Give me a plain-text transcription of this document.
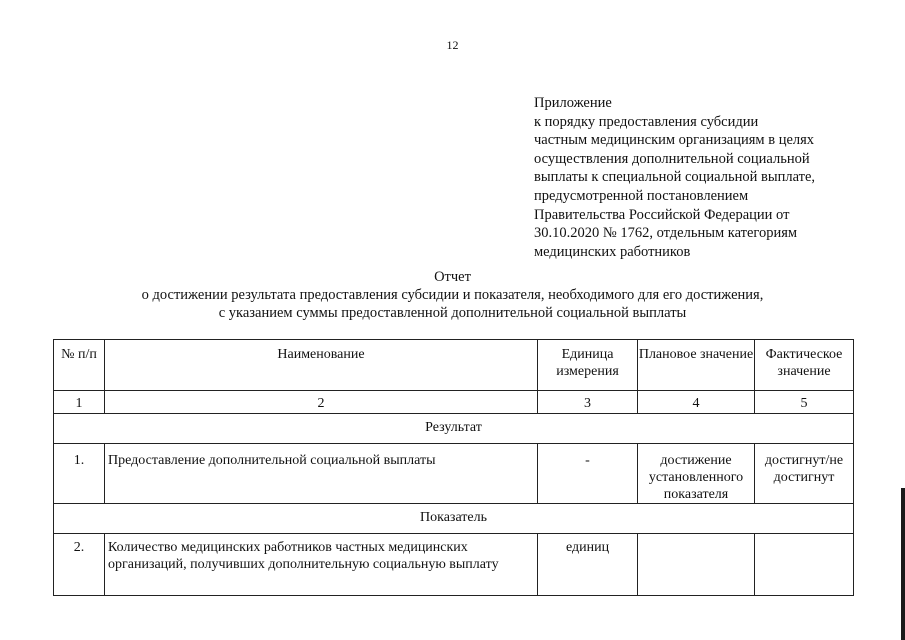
12
Приложение
к порядку предоставления субсидии
частным медицинским организациям в целях
осуществления дополнительной социальной
выплаты к специальной социальной выплате,
предусмотренной постановлением
Правительства Российской Федерации от
30.10.2020 № 1762, отдельным категориям
медицинских работников
Отчет
о достижении результата предоставления субсидии и показателя, необходимого для его достижения,
с указанием суммы предоставленной дополнительной социальной выплаты
№ п/п	Наименование	Единица измерения	Плановое значение	Фактическое значение
1	2	3	4	5
Результат				
1.	Предоставление дополнительной социальной выплаты	-	достижение установленного показателя	достигнут/не достигнут
Показатель				
2.	Количество медицинских работников частных медицинских организаций, получивших дополнительную социальную выплату	единиц		
